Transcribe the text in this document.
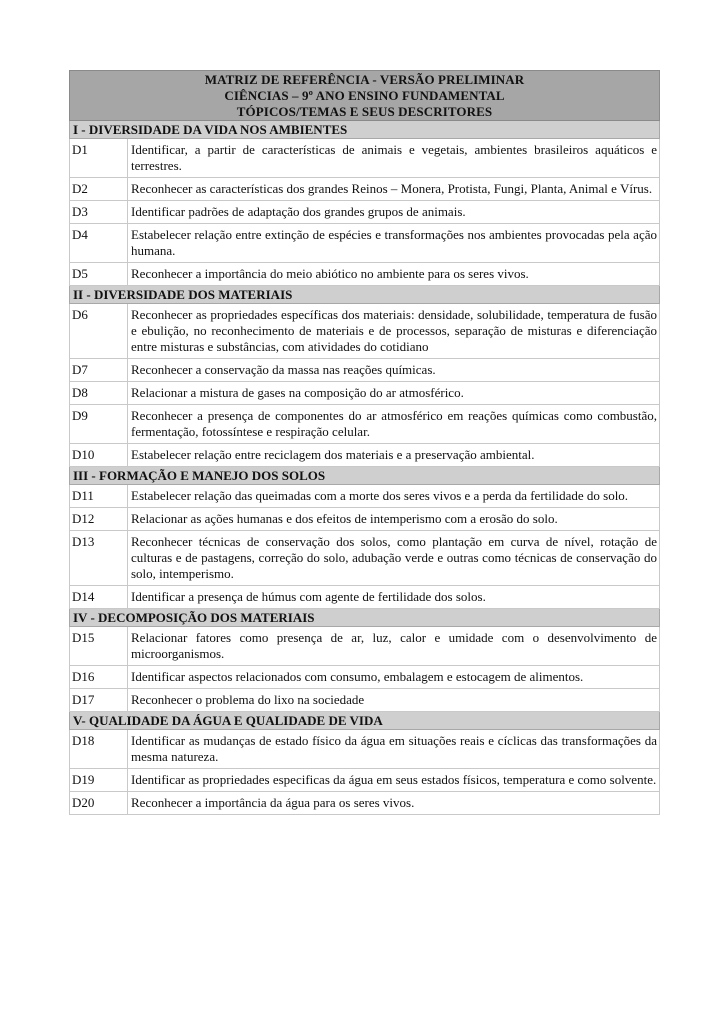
MATRIZ DE REFERÊNCIA - VERSÃO PRELIMINAR
CIÊNCIAS – 9º ANO ENSINO FUNDAMENTAL
TÓPICOS/TEMAS E SEUS DESCRITORES	

I - DIVERSIDADE DA VIDA NOS AMBIENTES	
D1	Identificar, a partir de características de animais e vegetais, ambientes brasileiros aquáticos e terrestres.
D2	Reconhecer as características dos grandes Reinos – Monera, Protista, Fungi, Planta, Animal e Vírus.
D3	Identificar padrões de adaptação dos grandes grupos de animais.
D4	Estabelecer relação entre extinção de espécies e transformações nos ambientes provocadas pela ação humana.
D5	Reconhecer a importância do meio abiótico no ambiente para os seres vivos.
II - DIVERSIDADE DOS MATERIAIS	
D6	Reconhecer as propriedades específicas dos materiais: densidade, solubilidade, temperatura de fusão e ebulição, no reconhecimento de materiais e de processos, separação de misturas e diferenciação entre misturas e substâncias, com atividades do cotidiano
D7	Reconhecer a conservação da massa nas reações químicas.
D8	Relacionar a mistura de gases na composição do ar atmosférico.
D9	Reconhecer a presença de componentes do ar atmosférico em reações químicas como combustão, fermentação, fotossíntese e respiração celular.
D10	Estabelecer relação entre reciclagem dos materiais e a preservação ambiental.
III - FORMAÇÃO E MANEJO DOS SOLOS	
D11	Estabelecer relação das queimadas com a morte dos seres vivos e a perda da fertilidade do solo.
D12	Relacionar as ações humanas e dos efeitos de intemperismo com a erosão do solo.
D13	Reconhecer técnicas de conservação dos solos, como plantação em curva de nível, rotação de culturas e de pastagens, correção do solo, adubação verde e outras como técnicas de conservação do solo, intemperismo.
D14	Identificar a presença de húmus com agente de fertilidade dos solos.
IV - DECOMPOSIÇÃO DOS MATERIAIS	
D15	Relacionar fatores como presença de ar, luz, calor e umidade com o desenvolvimento de microorganismos.
D16	Identificar aspectos relacionados com consumo, embalagem e estocagem de alimentos.
D17	Reconhecer o problema do lixo na sociedade
V- QUALIDADE DA ÁGUA E QUALIDADE DE VIDA	
D18	Identificar as mudanças de estado físico da água em situações reais e cíclicas das transformações da mesma natureza.
D19	Identificar as propriedades especificas da água em seus estados físicos, temperatura e como solvente.
D20	Reconhecer a importância da água para os seres vivos.
